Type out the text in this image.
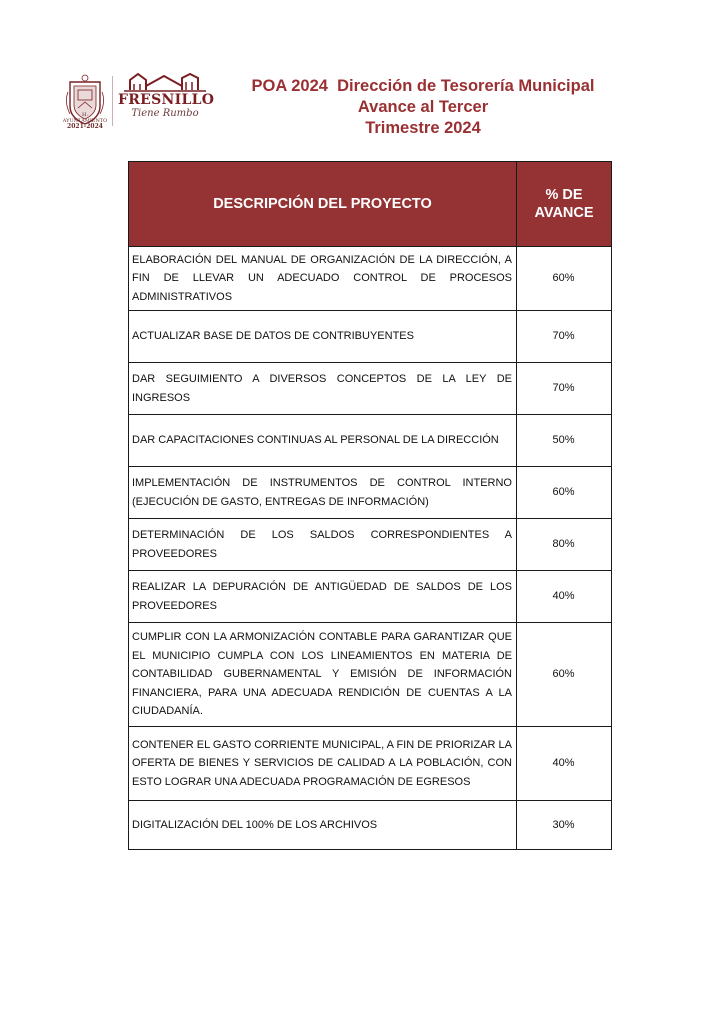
H. AYUNTAMIENTO
2021-2024
FRESNILLO
Tiene Rumbo
POA 2024  Dirección de Tesorería Municipal
Avance al Tercer
Trimestre 2024
DESCRIPCIÓN DEL PROYECTO	% DE
AVANCE

ELABORACIÓN DEL MANUAL DE ORGANIZACIÓN DE LA DIRECCIÓN, A FIN DE LLEVAR UN ADECUADO CONTROL DE PROCESOS ADMINISTRATIVOS	60%
ACTUALIZAR BASE DE DATOS DE CONTRIBUYENTES	70%
DAR SEGUIMIENTO A DIVERSOS CONCEPTOS DE LA LEY DE INGRESOS	70%
DAR CAPACITACIONES CONTINUAS AL PERSONAL DE LA DIRECCIÓN	50%
IMPLEMENTACIÓN DE INSTRUMENTOS DE CONTROL INTERNO (EJECUCIÓN DE GASTO, ENTREGAS DE INFORMACIÓN)	60%
DETERMINACIÓN DE LOS SALDOS CORRESPONDIENTES A PROVEEDORES	80%
REALIZAR LA DEPURACIÓN DE ANTIGÜEDAD DE SALDOS DE LOS PROVEEDORES	40%
CUMPLIR CON LA ARMONIZACIÓN CONTABLE PARA GARANTIZAR QUE EL MUNICIPIO CUMPLA CON LOS LINEAMIENTOS EN MATERIA DE CONTABILIDAD GUBERNAMENTAL Y EMISIÓN DE INFORMACIÓN FINANCIERA, PARA UNA ADECUADA RENDICIÓN DE CUENTAS A LA CIUDADANÍA.	60%
CONTENER EL GASTO CORRIENTE MUNICIPAL, A FIN DE PRIORIZAR LA OFERTA DE BIENES Y SERVICIOS DE CALIDAD A LA POBLACIÓN, CON ESTO LOGRAR UNA ADECUADA PROGRAMACIÓN DE EGRESOS	40%
DIGITALIZACIÓN DEL 100% DE LOS ARCHIVOS	30%
